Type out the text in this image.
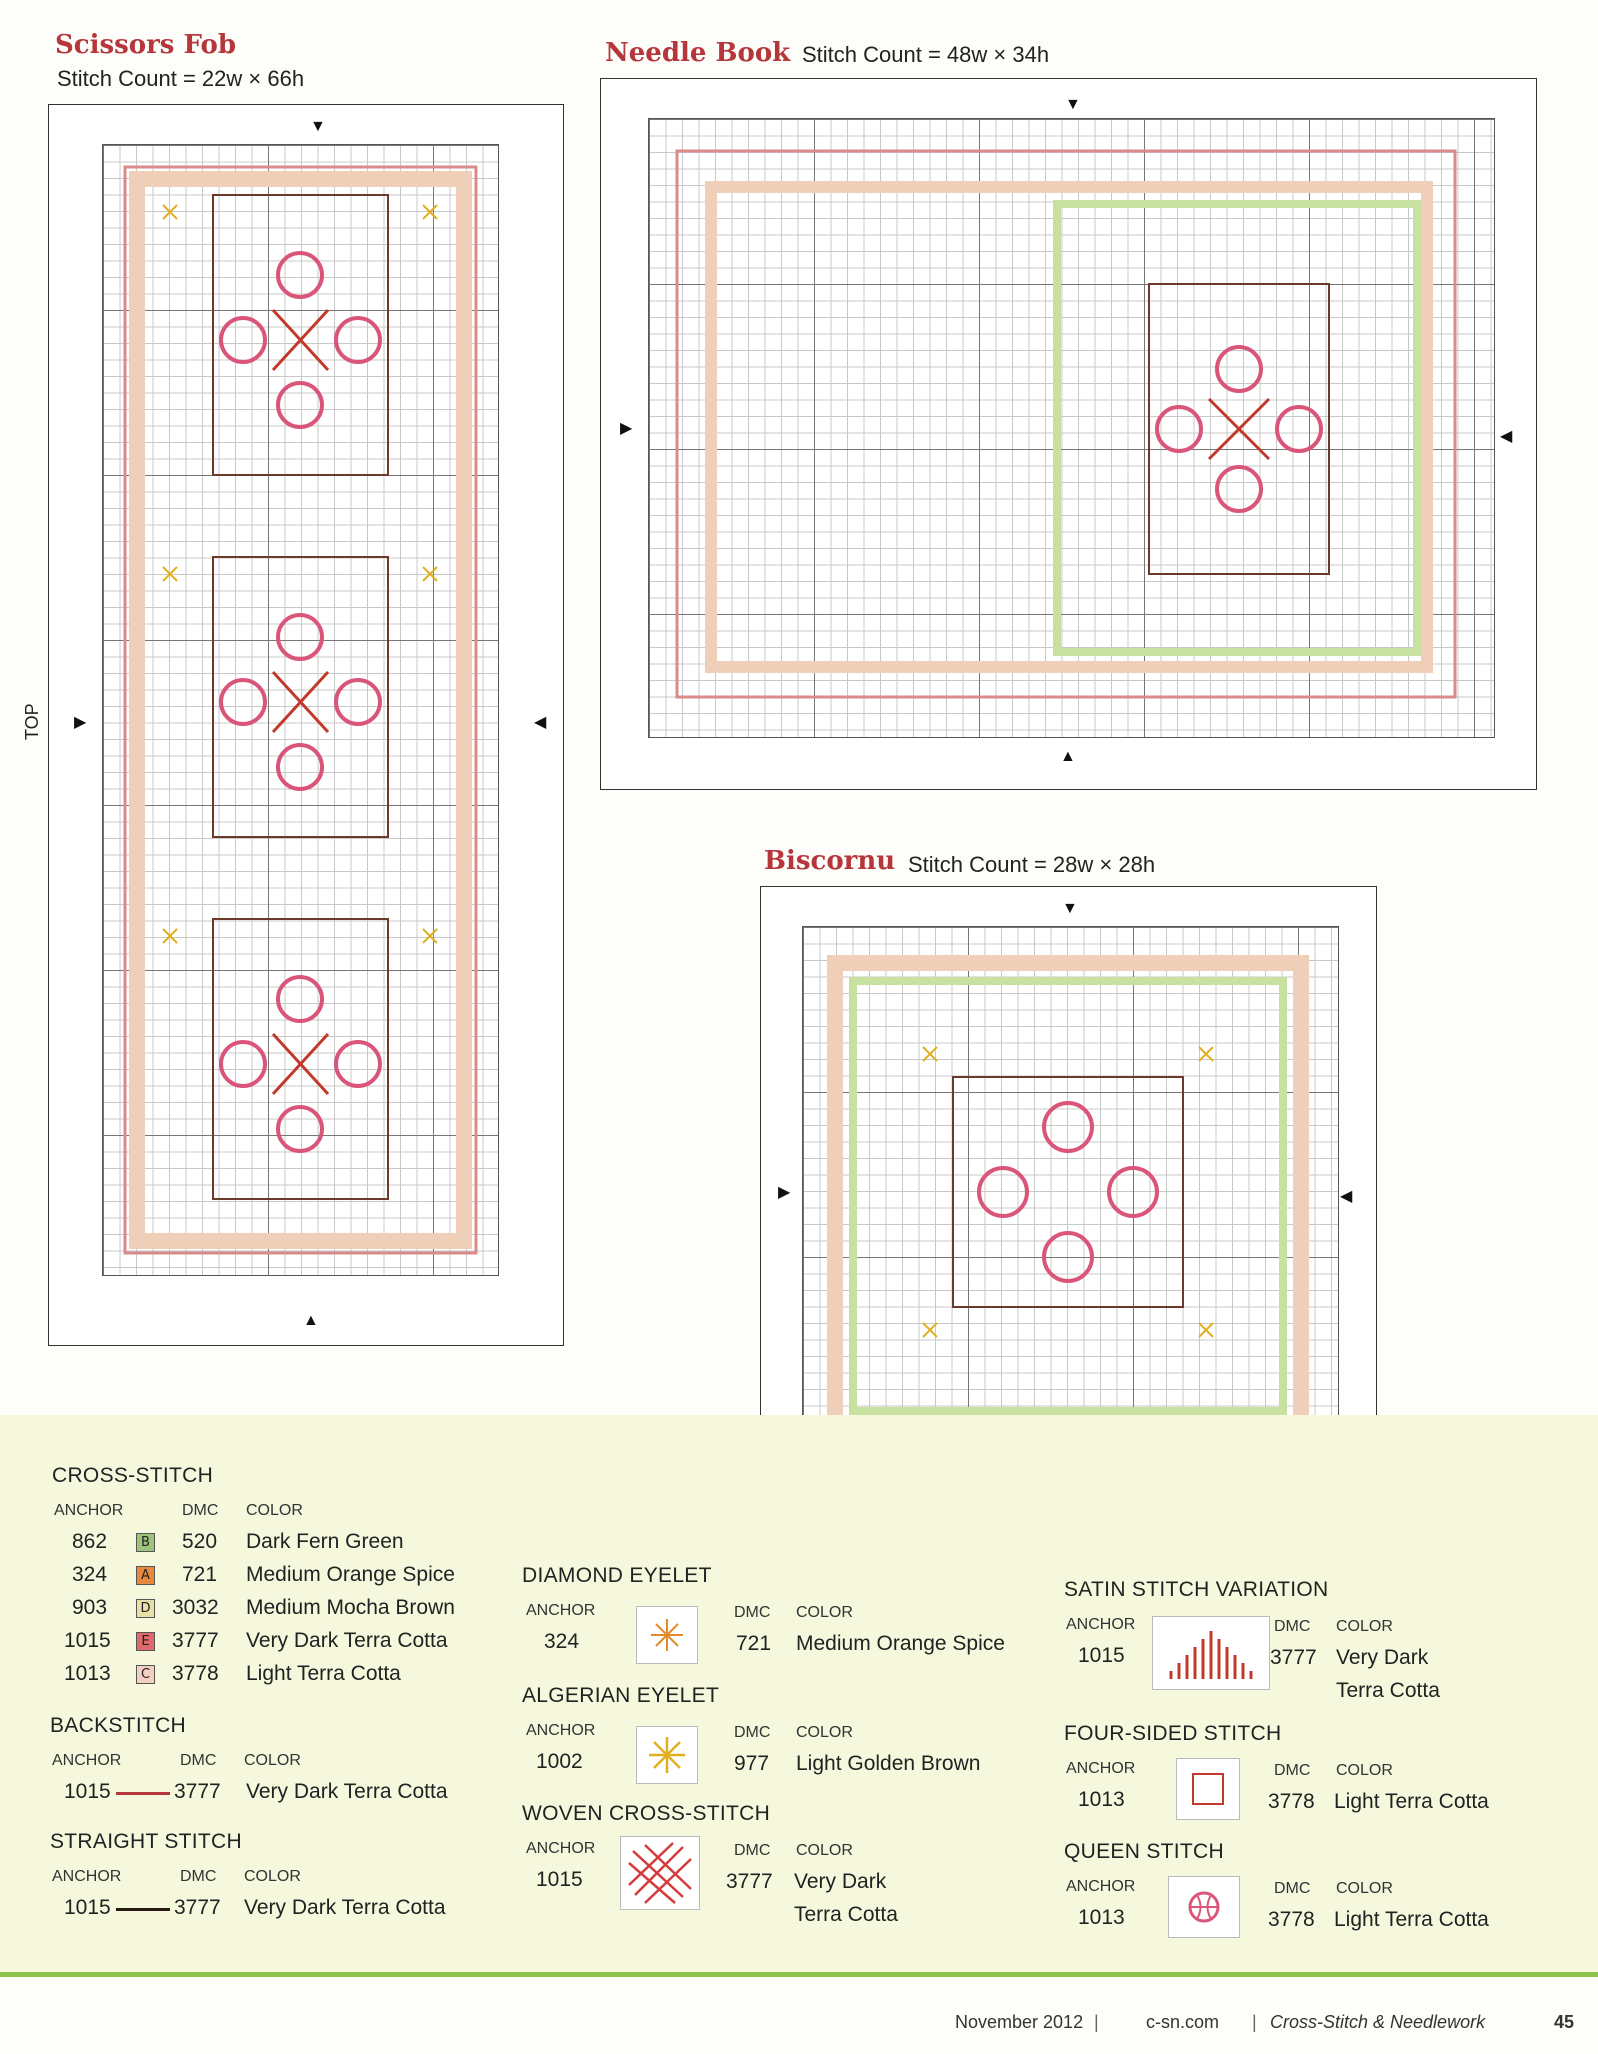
Scissors Fob
Stitch Count = 22w × 66h
TOP
▼
▲
▶	◀
Needle Book Stitch Count = 48w × 34h
▼
▲
▶	◀
Biscornu Stitch Count = 28w × 28h
▼
▶	◀
CROSS-STITCH
ANCHOR	DMC COLOR
862	B 520 Dark Fern Green
324	A 721 Medium Orange Spice
903	D 3032 Medium Mocha Brown
1015	E 3777 Very Dark Terra Cotta
1013	C 3778 Light Terra Cotta
BACKSTITCH
ANCHOR	DMC COLOR
1015	3777 Very Dark Terra Cotta
STRAIGHT STITCH
ANCHOR	DMC COLOR
1015	3777 Very Dark Terra Cotta
DIAMOND EYELET
ANCHOR	DMC COLOR
324	721 Medium Orange Spice
ALGERIAN EYELET
ANCHOR	DMC COLOR
1002	977 Light Golden Brown
WOVEN CROSS-STITCH
ANCHOR	DMC COLOR
1015	3777 Very Dark
Terra Cotta
SATIN STITCH VARIATION
ANCHOR	DMC COLOR
1015	3777 Very Dark
Terra Cotta
FOUR-SIDED STITCH
ANCHOR	DMC COLOR
1013	3778 Light Terra Cotta
QUEEN STITCH
ANCHOR	DMC COLOR
1013	3778 Light Terra Cotta
November 2012 |	c-sn.com | Cross-Stitch & Needlework	45
